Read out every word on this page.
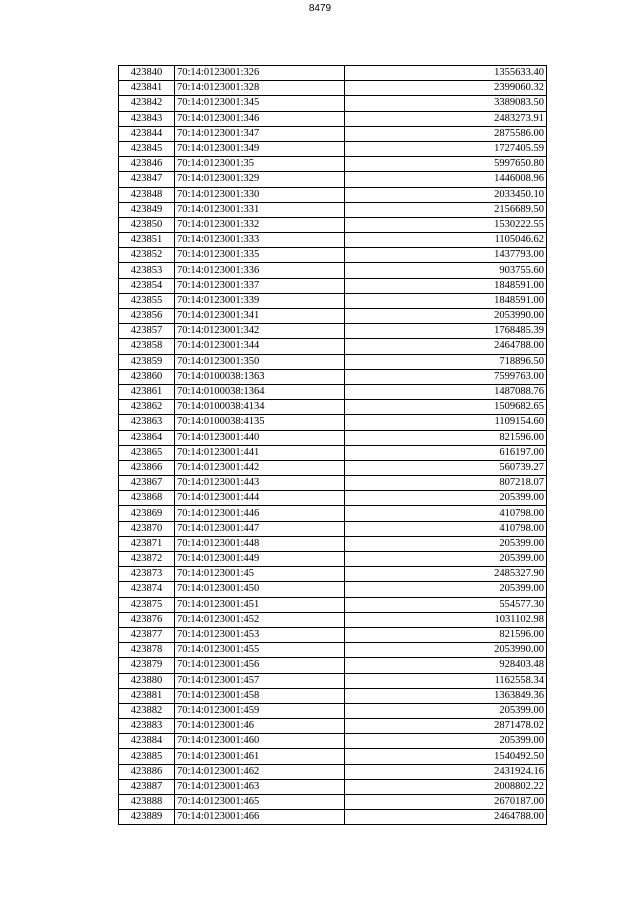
8479
423840	70:14:0123001:326	1355633.40
423841	70:14:0123001:328	2399060.32
423842	70:14:0123001:345	3389083.50
423843	70:14:0123001:346	2483273.91
423844	70:14:0123001:347	2875586.00
423845	70:14:0123001:349	1727405.59
423846	70:14:0123001:35	5997650.80
423847	70:14:0123001:329	1446008.96
423848	70:14:0123001:330	2033450.10
423849	70:14:0123001:331	2156689.50
423850	70:14:0123001:332	1530222.55
423851	70:14:0123001:333	1105046.62
423852	70:14:0123001:335	1437793.00
423853	70:14:0123001:336	903755.60
423854	70:14:0123001:337	1848591.00
423855	70:14:0123001:339	1848591.00
423856	70:14:0123001:341	2053990.00
423857	70:14:0123001:342	1768485.39
423858	70:14:0123001:344	2464788.00
423859	70:14:0123001:350	718896.50
423860	70:14:0100038:1363	7599763.00
423861	70:14:0100038:1364	1487088.76
423862	70:14:0100038:4134	1509682.65
423863	70:14:0100038:4135	1109154.60
423864	70:14:0123001:440	821596.00
423865	70:14:0123001:441	616197.00
423866	70:14:0123001:442	560739.27
423867	70:14:0123001:443	807218.07
423868	70:14:0123001:444	205399.00
423869	70:14:0123001:446	410798.00
423870	70:14:0123001:447	410798.00
423871	70:14:0123001:448	205399.00
423872	70:14:0123001:449	205399.00
423873	70:14:0123001:45	2485327.90
423874	70:14:0123001:450	205399.00
423875	70:14:0123001:451	554577.30
423876	70:14:0123001:452	1031102.98
423877	70:14:0123001:453	821596.00
423878	70:14:0123001:455	2053990.00
423879	70:14:0123001:456	928403.48
423880	70:14:0123001:457	1162558.34
423881	70:14:0123001:458	1363849.36
423882	70:14:0123001:459	205399.00
423883	70:14:0123001:46	2871478.02
423884	70:14:0123001:460	205399.00
423885	70:14:0123001:461	1540492.50
423886	70:14:0123001:462	2431924.16
423887	70:14:0123001:463	2008802.22
423888	70:14:0123001:465	2670187.00
423889	70:14:0123001:466	2464788.00
